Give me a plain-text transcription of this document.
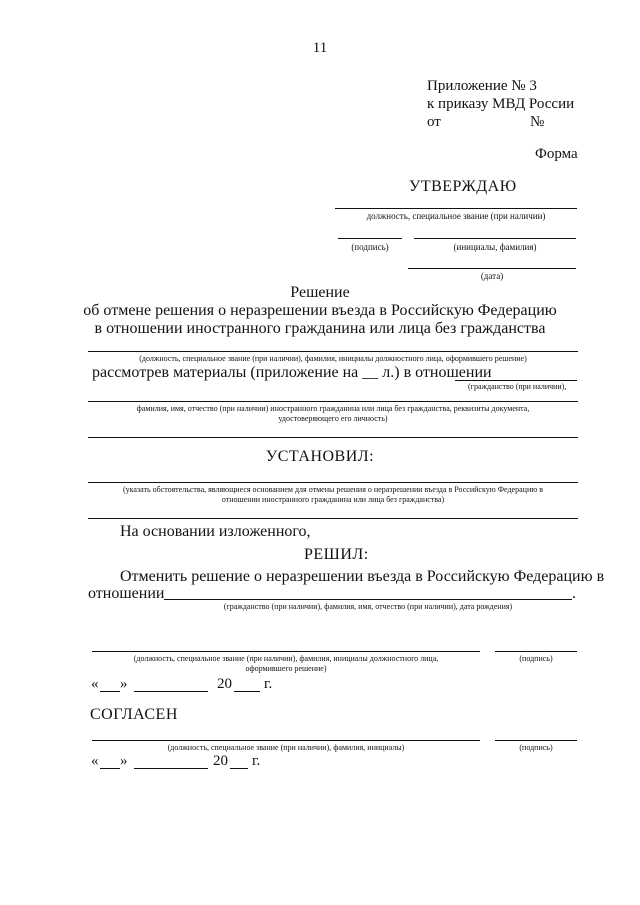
11
Приложение № 3
к приказу МВД России
от	№
Форма
УТВЕРЖДАЮ
должность, специальное звание (при наличии)
(подпись)	(инициалы, фамилия)
(дата)
Решение
об отмене решения о неразрешении въезда в Российскую Федерацию
в отношении иностранного гражданина или лица без гражданства
(должность, специальное звание (при наличии), фамилия, инициалы должностного лица, оформившего решение)
рассмотрев материалы (приложение на __ л.) в отношении
(гражданство (при наличии),
фамилия, имя, отчество (при наличии) иностранного гражданина или лица без гражданства, реквизиты документа,
удостоверяющего его личность)
УСТАНОВИЛ:
(указать обстоятельства, являющиеся основанием для отмены решения о неразрешении въезда в Российскую Федерацию в
отношении иностранного гражданина или лица без гражданства)
На основании изложенного,
РЕШИЛ:
Отменить решение о неразрешении въезда в Российскую Федерацию в
отношении	.
(гражданство (при наличии), фамилия, имя, отчество (при наличии), дата рождения)
(должность, специальное звание (при наличии), фамилия, инициалы должностного лица,
оформившего решение)
(подпись)
« »	20 г.
СОГЛАСЕН
(должность, специальное звание (при наличии), фамилия, инициалы)	(подпись)
« »	20 г.
